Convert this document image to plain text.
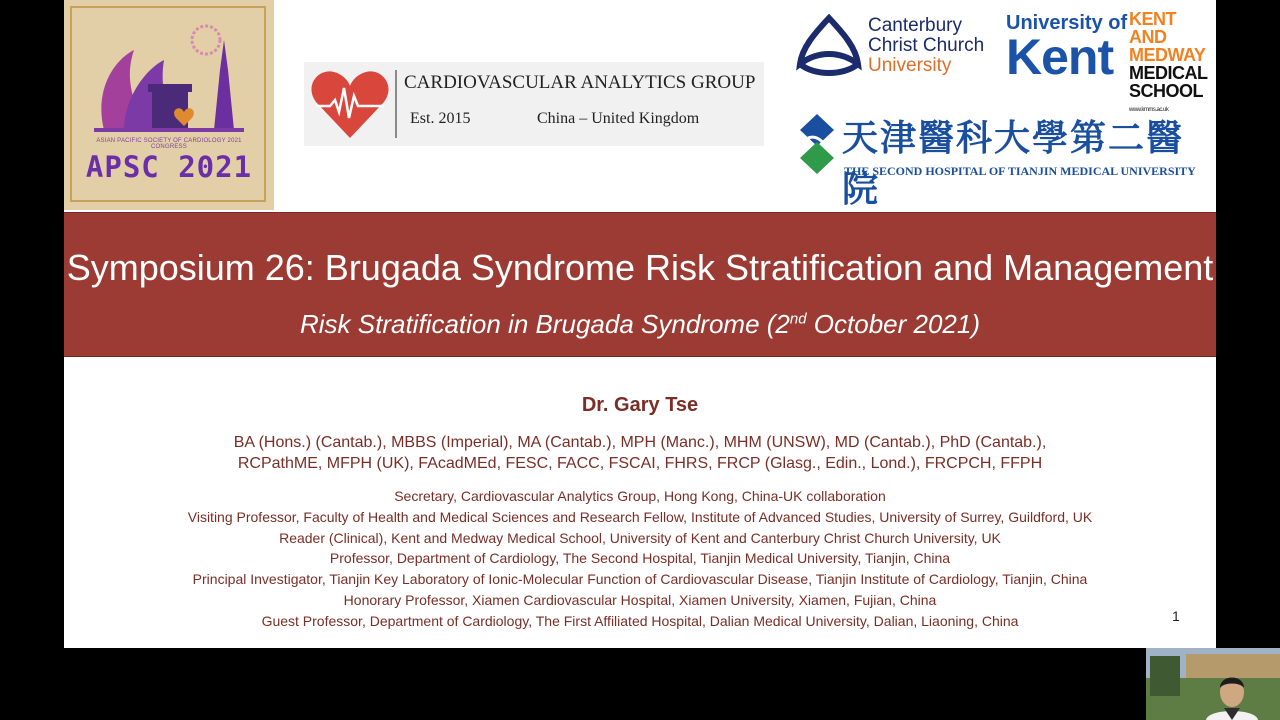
ASIAN PACIFIC SOCIETY OF CARDIOLOGY 2021 CONGRESS
APSC 2021
CARDIOVASCULAR ANALYTICS GROUP
Est. 2015	China – United Kingdom
Canterbury
Christ Church
University
University of
Kent
KENT AND
MEDWAY
MEDICAL
SCHOOL
www.kmms.ac.uk
天津醫科大學第二醫院
THE SECOND HOSPITAL OF TIANJIN MEDICAL UNIVERSITY
Symposium 26: Brugada Syndrome Risk Stratification and Management
Risk Stratification in Brugada Syndrome (2nd October 2021)
Dr. Gary Tse
BA (Hons.) (Cantab.), MBBS (Imperial), MA (Cantab.), MPH (Manc.), MHM (UNSW), MD (Cantab.), PhD (Cantab.),
RCPathME, MFPH (UK), FAcadMEd, FESC, FACC, FSCAI, FHRS, FRCP (Glasg., Edin., Lond.), FRCPCH, FFPH
Secretary, Cardiovascular Analytics Group, Hong Kong, China-UK collaboration
Visiting Professor, Faculty of Health and Medical Sciences and Research Fellow, Institute of Advanced Studies, University of Surrey, Guildford, UK
Reader (Clinical), Kent and Medway Medical School, University of Kent and Canterbury Christ Church University, UK
Professor, Department of Cardiology, The Second Hospital, Tianjin Medical University, Tianjin, China
Principal Investigator, Tianjin Key Laboratory of Ionic-Molecular Function of Cardiovascular Disease, Tianjin Institute of Cardiology, Tianjin, China
Honorary Professor, Xiamen Cardiovascular Hospital, Xiamen University, Xiamen, Fujian, China
Guest Professor, Department of Cardiology, The First Affiliated Hospital, Dalian Medical University, Dalian, Liaoning, China	1
